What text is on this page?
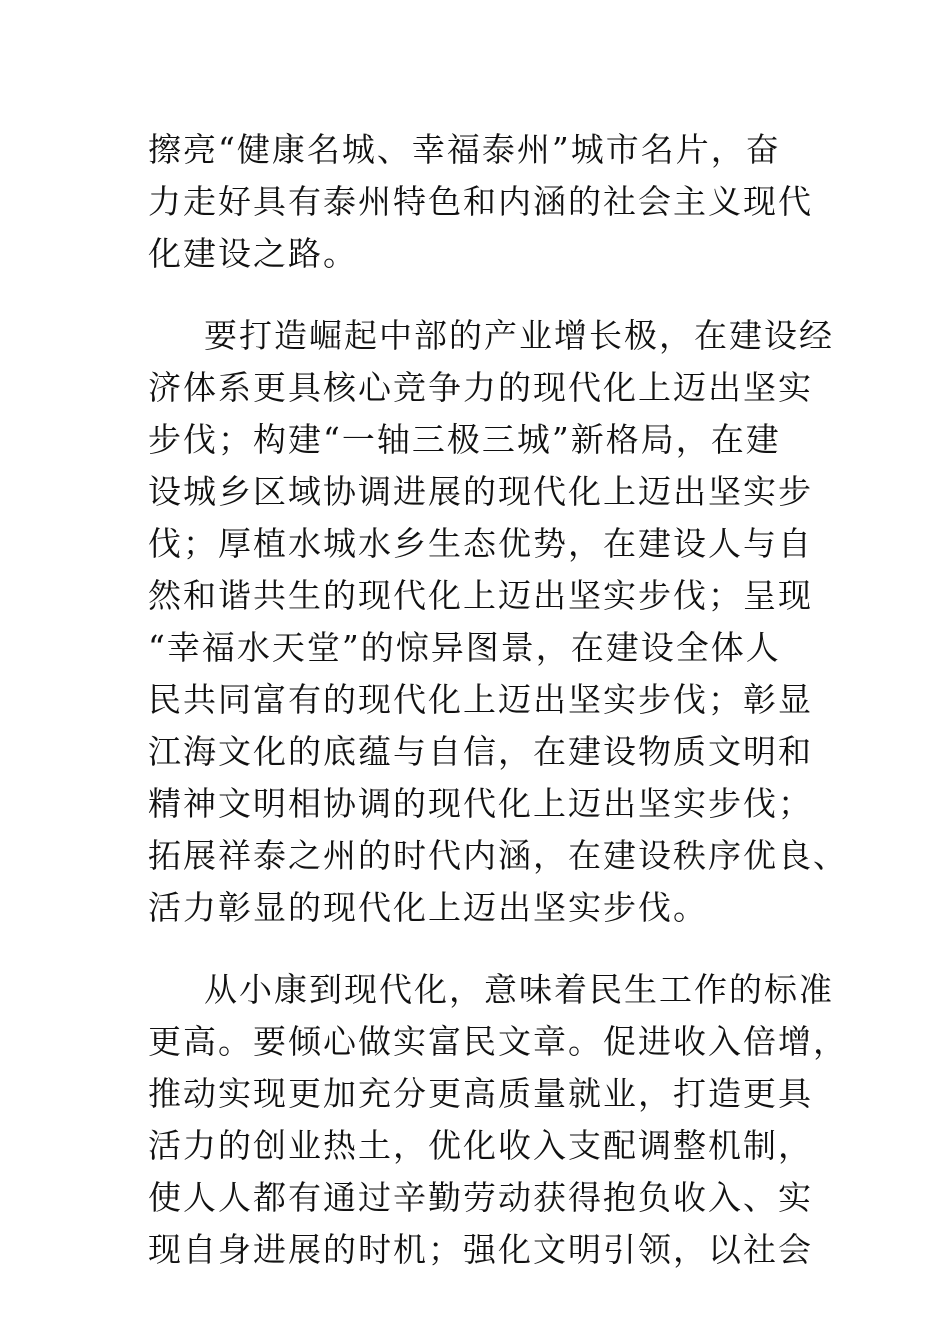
擦亮“健康名城、幸福泰州”城市名片，奋
力走好具有泰州特色和内涵的社会主义现代
化建设之路。
要打造崛起中部的产业增长极，在建设经
济体系更具核心竞争力的现代化上迈出坚实
步伐；构建“一轴三极三城”新格局，在建
设城乡区域协调进展的现代化上迈出坚实步
伐；厚植水城水乡生态优势，在建设人与自
然和谐共生的现代化上迈出坚实步伐；呈现
“幸福水天堂”的惊异图景，在建设全体人
民共同富有的现代化上迈出坚实步伐；彰显
江海文化的底蕴与自信，在建设物质文明和
精神文明相协调的现代化上迈出坚实步伐；
拓展祥泰之州的时代内涵，在建设秩序优良、
活力彰显的现代化上迈出坚实步伐。
从小康到现代化，意味着民生工作的标准
更高。要倾心做实富民文章。促进收入倍增，
推动实现更加充分更高质量就业，打造更具
活力的创业热土，优化收入支配调整机制，
使人人都有通过辛勤劳动获得抱负收入、实
现自身进展的时机；强化文明引领，以社会
